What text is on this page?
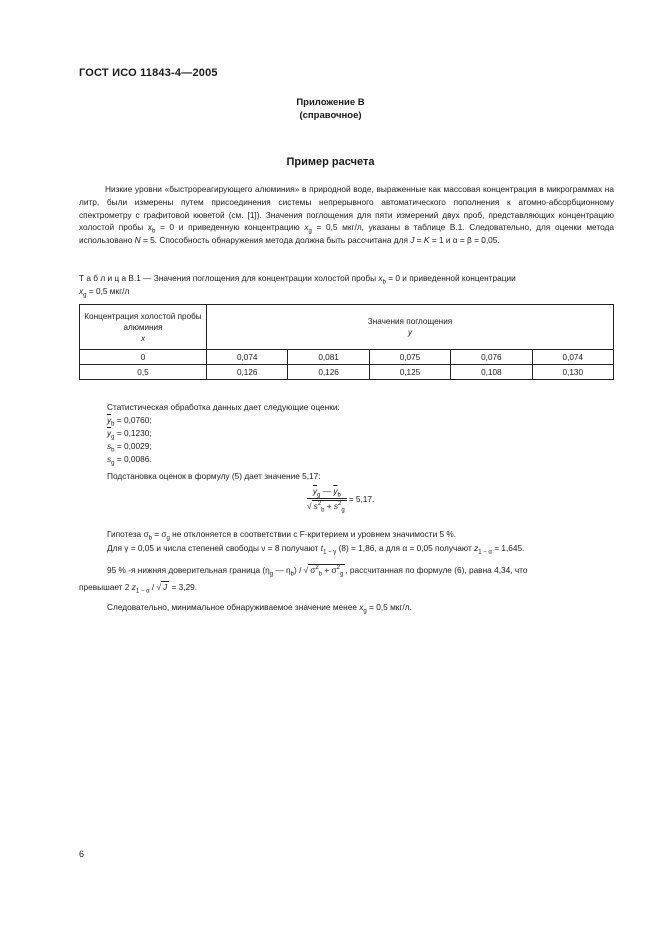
ГОСТ ИСО 11843-4—2005
Приложение В
(справочное)
Пример расчета
Низкие уровни «быстрореагирующего алюминия» в природной воде, выраженные как массовая концентрация в микрограммах на литр, были измерены путем присоединения системы непрерывного автоматического пополнения к атомно-абсорбционному спектрометру с графитовой кюветой (см. [1]). Значения поглощения для пяти измерений двух проб, представляющих концентрацию холостой пробы $x_b = 0$ и приведенную концентрацию $x_g = 0,5$ мкг/л, указаны в таблице В.1. Следовательно, для оценки метода использовано N = 5. Способность обнаружения метода должна быть рассчитана для J = K = 1 и α = β = 0,05.
Т а б л и ц а В.1 — Значения поглощения для концентрации холостой пробы $x_b = 0$ и приведенной концентрации
$x_g = 0,5$ мкг/л
Концентрация холостой пробы алюминия
x	Значения поглощения
y				
0	0,074	0,081	0,075	0,076	0,074
0,5	0,126	0,126	0,125	0,108	0,130
Статистическая обработка данных дает следующие оценки:
$\overline{y}_b = 0,0760$;
$\overline{y}_g = 0,1230$;
$s_b = 0,0029$;
$s_g = 0,0086$.
Подстановка оценок в формулу (5) дает значение 5,17:
$\frac{\overline{y}_g — \overline{y}_b}{√ s^2_b + s^2_g} = 5,17$.
Гипотеза $\sigma_b = \sigma_g$ не отклоняется в соответствии с F-критерием и уровнем значимости 5 %.
Для γ = 0,05 и числа степеней свободы ν = 8 получают $t_{1 - \gamma}$ (8) = 1,86, а для α = 0,05 получают $z_{1 - \alpha} = 1,645$.
95 % -я нижняя доверительная граница ($\eta_g$ — $\eta_b$) / √ $\sigma^2_b + \sigma^2_g$ , рассчитанная по формуле (6), равна 4,34, что
превышает 2 $z_{1 - \alpha}$ / √ J = 3,29.
Следовательно, минимальное обнаруживаемое значение менее $x_g = 0,5$ мкг/л.
6
